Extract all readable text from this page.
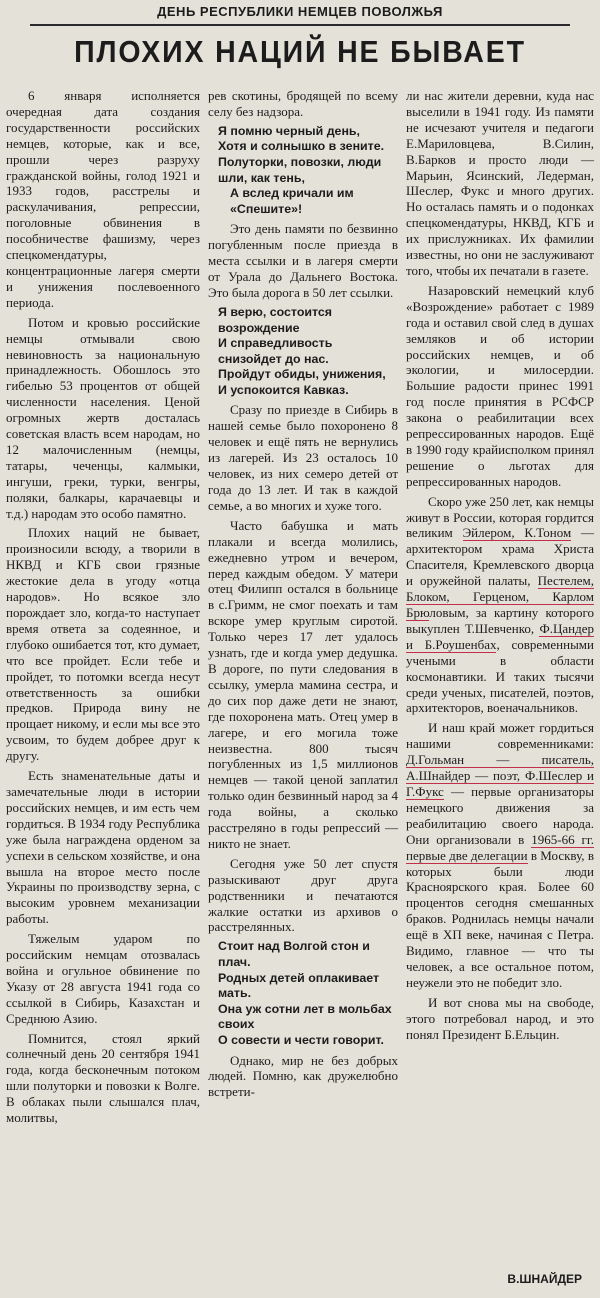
ДЕНЬ РЕСПУБЛИКИ НЕМЦЕВ ПОВОЛЖЬЯ
ПЛОХИХ НАЦИЙ НЕ БЫВАЕТ

6 января исполняется очередная дата создания государственности российских немцев, которые, как и все, прошли через разруху гражданской войны, голод 1921 и 1933 годов, расстрелы и раскулачивания, репрессии, поголовные обвинения в пособничестве фашизму, через спецкомендатуры, концентрационные лагеря смерти и унижения послевоенного периода.

Потом и кровью российские немцы отмывали свою невиновность за национальную принадлежность. Обошлось это гибелью 53 процентов от общей численности населения. Ценой огромных жертв досталась советская власть всем народам, но 12 малочисленным (немцы, татары, чеченцы, калмыки, ингуши, греки, турки, венгры, поляки, балкары, карачаевцы и т.д.) народам это особо памятно.

Плохих наций не бывает, произносили всюду, а творили в НКВД и КГБ свои грязные жестокие дела в угоду «отца народов». Но всякое зло порождает зло, когда-то наступает время ответа за содеянное, и глубоко ошибается тот, кто думает, что все пройдет. Если тебе и пройдет, то потомки всегда несут ответственность за ошибки предков. Природа вину не прощает никому, и если мы все это усвоим, то будем добрее друг к другу.

Есть знаменательные даты и замечательные люди в истории российских немцев, и им есть чем гордиться. В 1934 году Республика уже была награждена орденом за успехи в сельском хозяйстве, и она вышла на второе место после Украины по производству зерна, с высоким уровнем механизации работы.

Тяжелым ударом по российским немцам отозвалась война и огульное обвинение по Указу от 28 августа 1941 года со ссылкой в Сибирь, Казахстан и Среднюю Азию.

Помнится, стоял яркий солнечный день 20 сентября 1941 года, когда бесконечным потоком шли полуторки и повозки к Волге. В облаках пыли слышался плач, молитвы,

рев скотины, бродящей по всему селу без надзора.

Я помню черный день,
Хотя и солнышко в зените.
Полуторки, повозки, люди шли, как тень,
А вслед кричали им «Спешите»!

Это день памяти по безвинно погубленным после приезда в места ссылки и в лагеря смерти от Урала до Дальнего Востока. Это была дорога в 50 лет ссылки.

Я верю, состоится возрождение
И справедливость снизойдет до нас.
Пройдут обиды, унижения,
И успокоится Кавказ.

Сразу по приезде в Сибирь в нашей семье было похоронено 8 человек и ещё пять не вернулись из лагерей. Из 23 осталось 10 человек, из них семеро детей от года до 13 лет. И так в каждой семье, а во многих и хуже того.

Часто бабушка и мать плакали и всегда молились, ежедневно утром и вечером, перед каждым обедом. У матери отец Филипп остался в больнице в с.Гримм, не смог поехать и там вскоре умер круглым сиротой. Только через 17 лет удалось узнать, где и когда умер дедушка. В дороге, по пути следования в ссылку, умерла мамина сестра, и до сих пор даже дети не знают, где похоронена мать. Отец умер в лагере, и его могила тоже неизвестна. 800 тысяч погубленных из 1,5 миллионов немцев — такой ценой заплатил только один безвинный народ за 4 года войны, а сколько расстреляно в годы репрессий — никто не знает.

Сегодня уже 50 лет спустя разыскивают друг друга родственники и печатаются жалкие остатки из архивов о расстрелянных.

Стоит над Волгой стон и плач.
Родных детей оплакивает мать.
Она уж сотни лет в мольбах своих
О совести и чести говорит.

Однако, мир не без добрых людей. Помню, как дружелюбно встрети-

ли нас жители деревни, куда нас выселили в 1941 году. Из памяти не исчезают учителя и педагоги Е.Мариловцева, В.Силин, В.Барков и просто люди — Марьин, Ясинский, Ледерман, Шеслер, Фукс и много других. Но осталась память и о подонках спецкомендатуры, НКВД, КГБ и их прислужниках. Их фамилии известны, но они не заслуживают того, чтобы их печатали в газете.

Назаровский немецкий клуб «Возрождение» работает с 1989 года и оставил свой след в душах земляков и об истории российских немцев, и об экологии, и милосердии. Большие радости принес 1991 год после принятия в РСФСР закона о реабилитации всех репрессированных народов. Ещё в 1990 году крайисполком принял решение о льготах для репрессированных народов.

Скоро уже 250 лет, как немцы живут в России, которая гордится великим Эйлером, К.Тоном — архитектором храма Христа Спасителя, Кремлевского дворца и оружейной палаты, Пестелем, Блоком, Герценом, Карлом Брюловым, за картину которого выкуплен Т.Шевченко, Ф.Цандер и Б.Роушенбах, современными учеными в области космонавтики. И таких тысячи среди ученых, писателей, поэтов, архитекторов, военачальников.

И наш край может гордиться нашими современниками: Д.Гольман — писатель, А.Шнайдер — поэт, Ф.Шеслер и Г.Фукс — первые организаторы немецкого движения за реабилитацию своего народа. Они организовали в 1965-66 гг. первые две делегации в Москву, в которых были люди Красноярского края. Более 60 процентов сегодня смешанных браков. Роднилась немцы начали ещё в XП веке, начиная с Петра. Видимо, главное — что ты человек, а все остальное потом, неужели это не победит зло.

И вот снова мы на свободе, этого потребовал народ, и это понял Президент Б.Ельцин.

В.ШНАЙДЕР
